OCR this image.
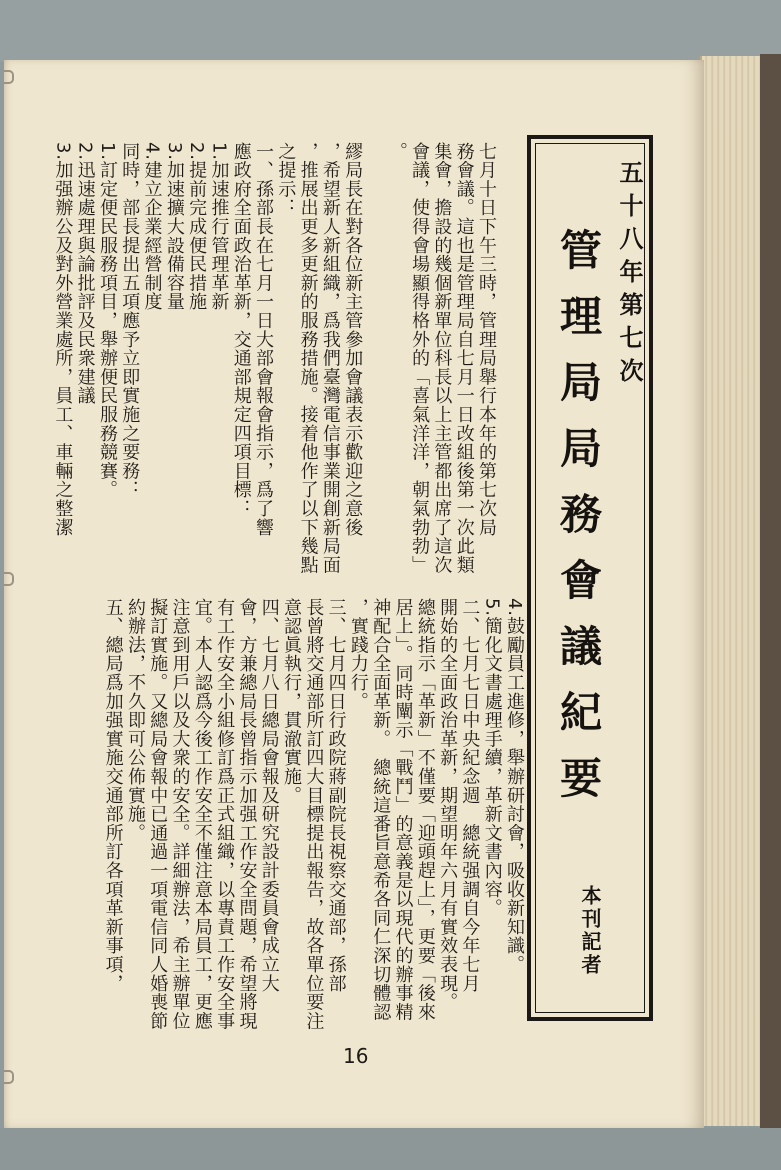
五十八年第七次
管理局局務會議紀要
本刊記者
七月十日下午三時，管理局舉行本年的第七次局
務會議。這也是管理局自七月一日改組後第一次此類
集會，擔設的幾個新單位科長以上主管都出席了這次
會議，使得會場顯得格外的「喜氣洋洋，朝氣勃勃」
。

繆局長在對各位新主管參加會議表示歡迎之意後
，希望新人新組織，爲我們臺灣電信事業開創新局面
，推展出更多更新的服務措施。接着他作了以下幾點
之提示：
一、孫部長在七月一日大部會報會指示，爲了響
應政府全面政治革新，交通部規定四項目標：
1.加速推行管理革新
2.提前完成便民措施
3.加速擴大設備容量
4.建立企業經營制度
同時，部長提出五項應予立即實施之要務：
1.訂定便民服務項目，舉辦便民服務競賽。
2.迅速處理與論批評及民衆建議
3.加强辦公及對外營業處所，員工、車輛之整潔
4.鼓勵員工進修，舉辦研討會，吸收新知識。
5.簡化文書處理手續，革新文書內容。
二、七月七日中央紀念週　總統强調自今年七月
開始的全面政治革新，期望明年六月有實效表現。
總統指示「革新」不僅要「迎頭趕上」，更要「後來
居上」。同時闡示「戰鬥」的意義是以現代的辦事精
神配合全面革新。　總統這番旨意希各同仁深切體認
，實踐力行。
三、七月四日行政院蔣副院長視察交通部，孫部
長曾將交通部所訂四大目標提出報告，故各單位要注
意認眞執行，貫澈實施。
四、七月八日總局會報及研究設計委員會成立大
會，方兼總局長曾指示加强工作安全問題，希望將現
有工作安全小組修訂爲正式組織，以專責工作安全事
宜。本人認爲今後工作安全不僅注意本局員工，更應
注意到用戶以及大衆的安全。詳細辦法，希主辦單位
擬訂實施。又總局會報中已通過一項電信同人婚喪節
約辦法，不久即可公佈實施。
五、總局爲加强實施交通部所訂各項革新事項，
16
